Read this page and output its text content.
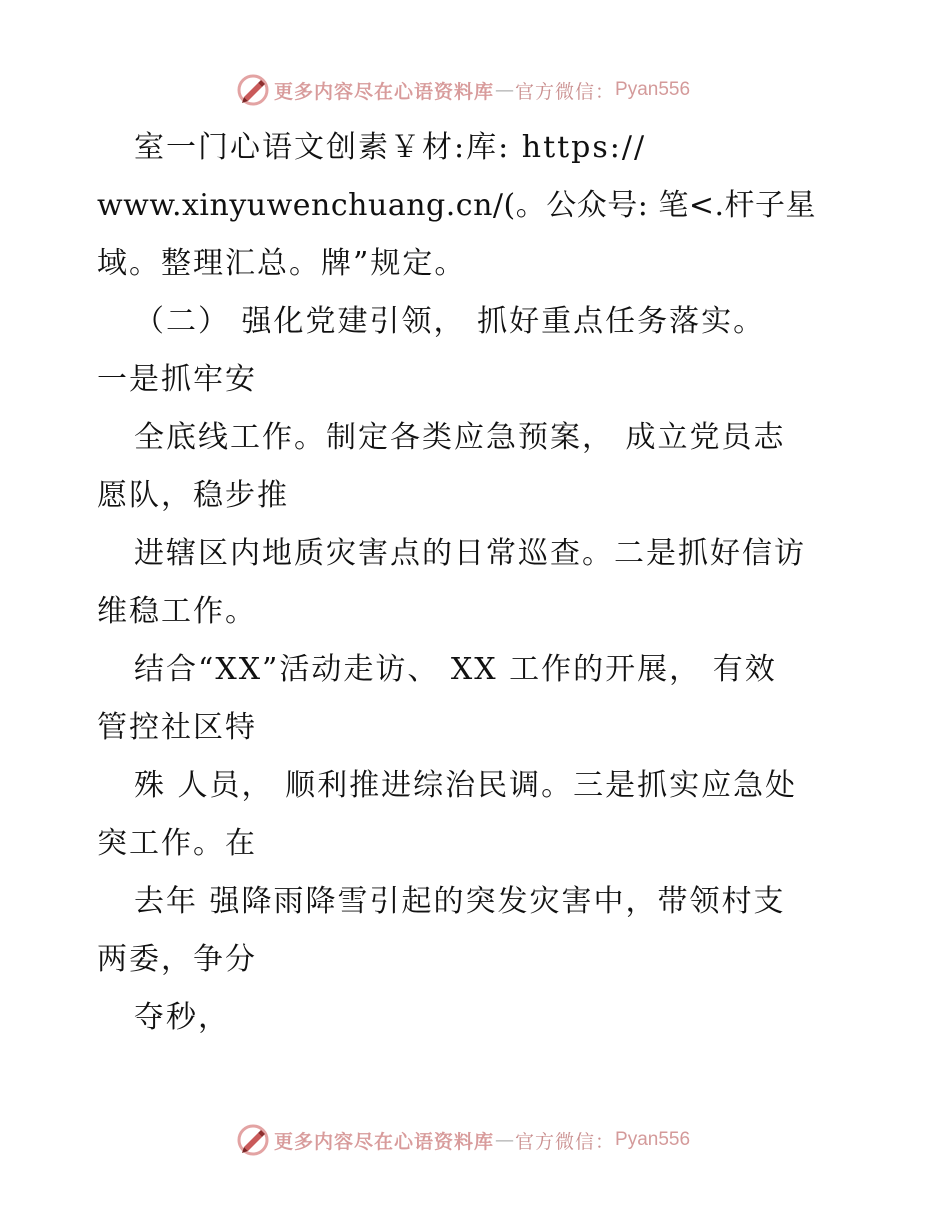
更多内容尽在心语资料库 — 官方微信： Pyan556
室一门心语文创素￥材:库: https://
www.xinyuwenchuang.cn/(。公众号: 笔<.杆子星
域。整理汇总。牌”规定。
（二） 强化党建引领， 抓好重点任务落实。
一是抓牢安
全底线工作。制定各类应急预案， 成立党员志
愿队，稳步推
进辖区内地质灾害点的日常巡查。二是抓好信访
维稳工作。
结合“XX”活动走访、 XX 工作的开展， 有效
管控社区特
殊 人员， 顺利推进综治民调。三是抓实应急处
突工作。在
去年 强降雨降雪引起的突发灾害中，带领村支
两委，争分
夺秒，
更多内容尽在心语资料库 — 官方微信： Pyan556
